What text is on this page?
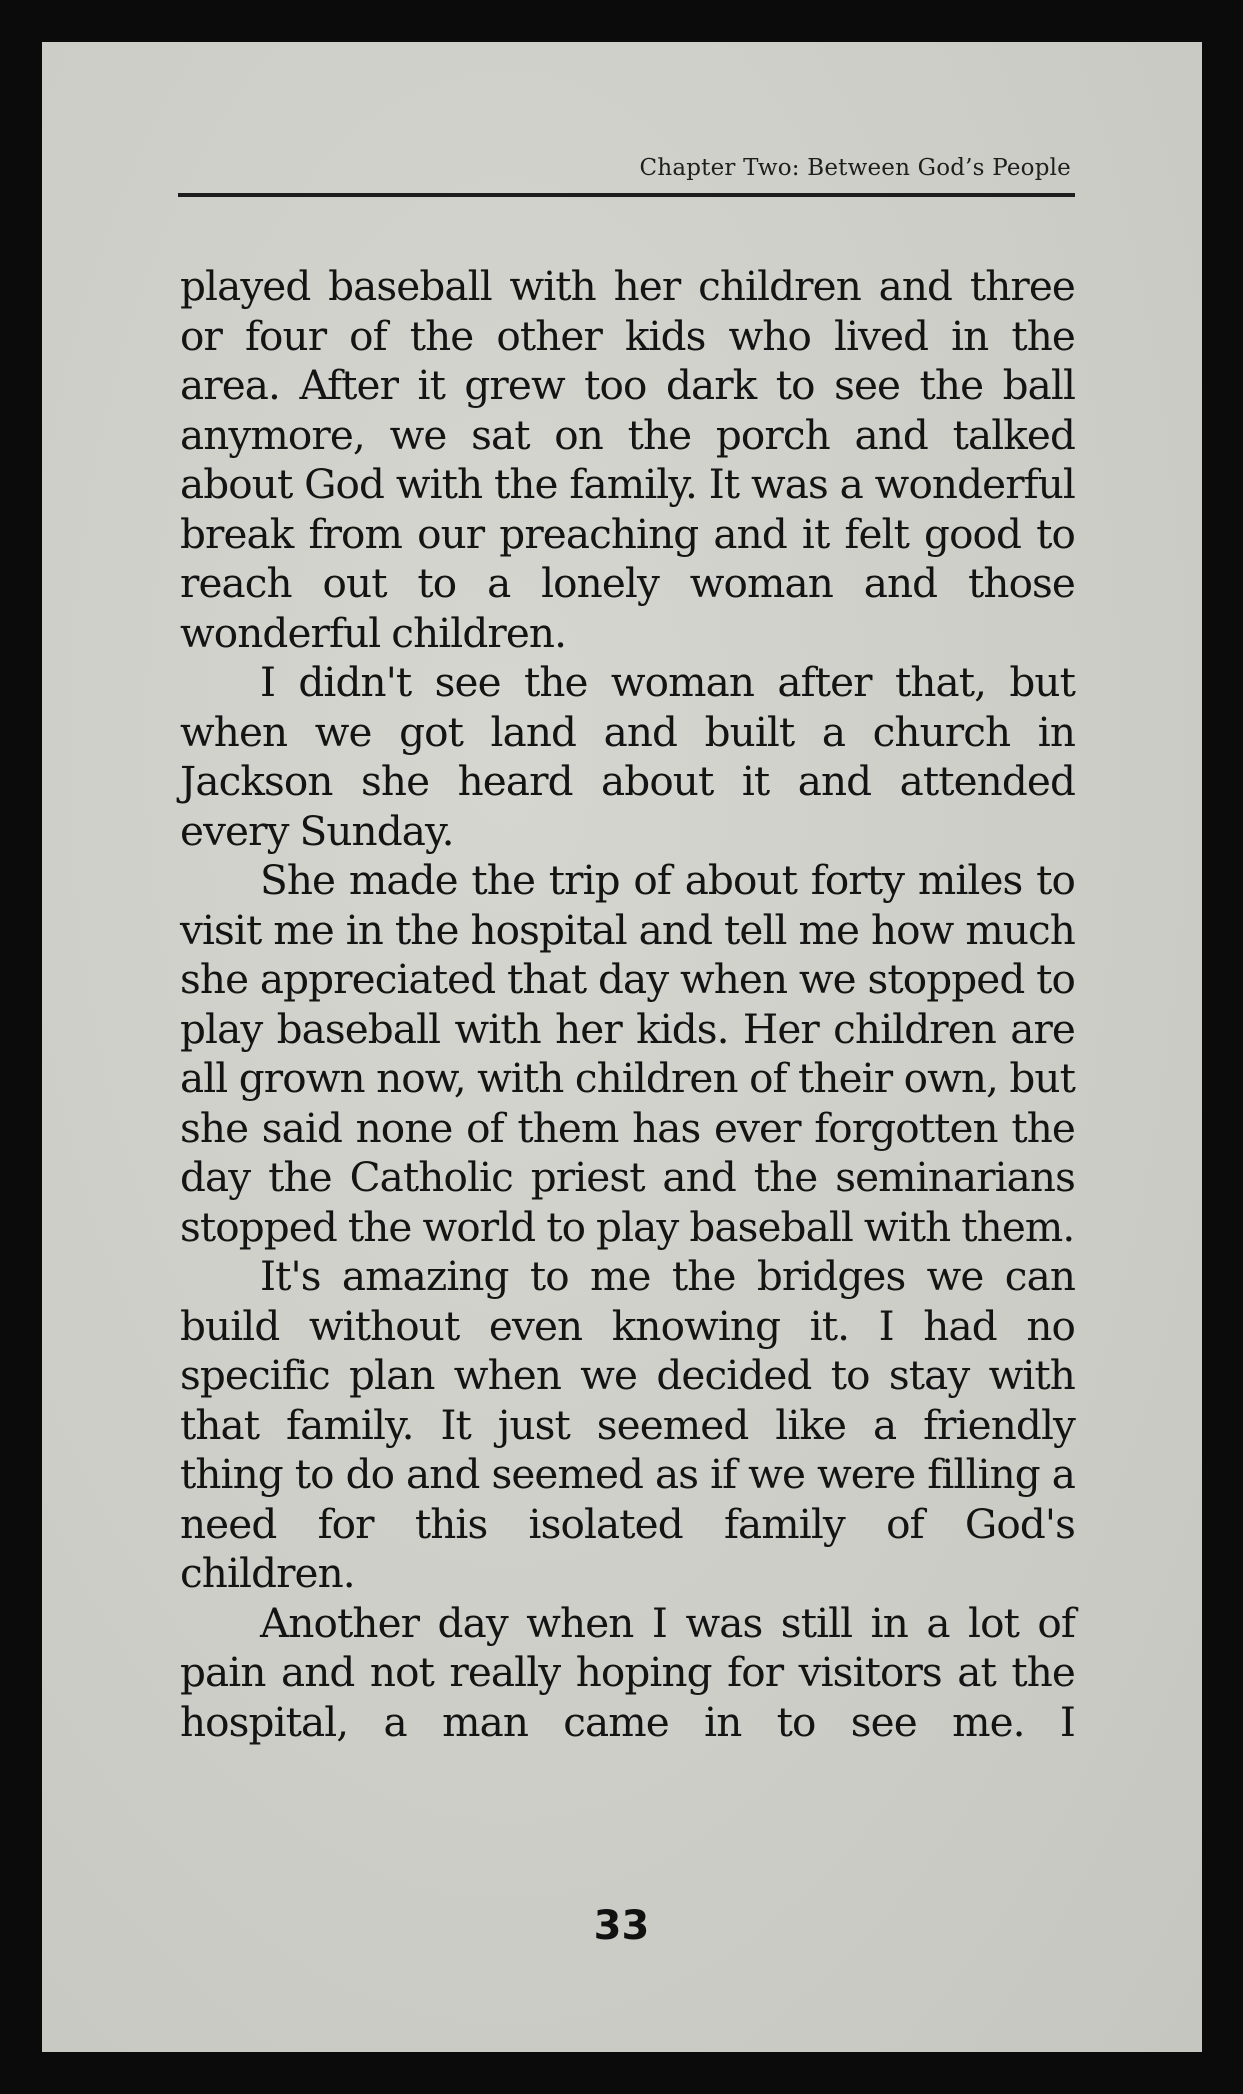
Chapter Two: Between God’s People

played baseball with her children and three or four of the other kids who lived in the area. After it grew too dark to see the ball anymore, we sat on the porch and talked about God with the family. It was a wonderful break from our preaching and it felt good to reach out to a lonely woman and those wonderful children.

I didn't see the woman after that, but when we got land and built a church in Jackson she heard about it and attended every Sunday.

She made the trip of about forty miles to visit me in the hospital and tell me how much she appreciated that day when we stopped to play baseball with her kids. Her children are all grown now, with children of their own, but she said none of them has ever forgotten the day the Catholic priest and the seminarians stopped the world to play baseball with them.

It's amazing to me the bridges we can build without even knowing it. I had no specific plan when we decided to stay with that family. It just seemed like a friendly thing to do and seemed as if we were filling a need for this isolated family of God's children.

Another day when I was still in a lot of pain and not really hoping for visitors at the hospital, a man came in to see me. I

33
